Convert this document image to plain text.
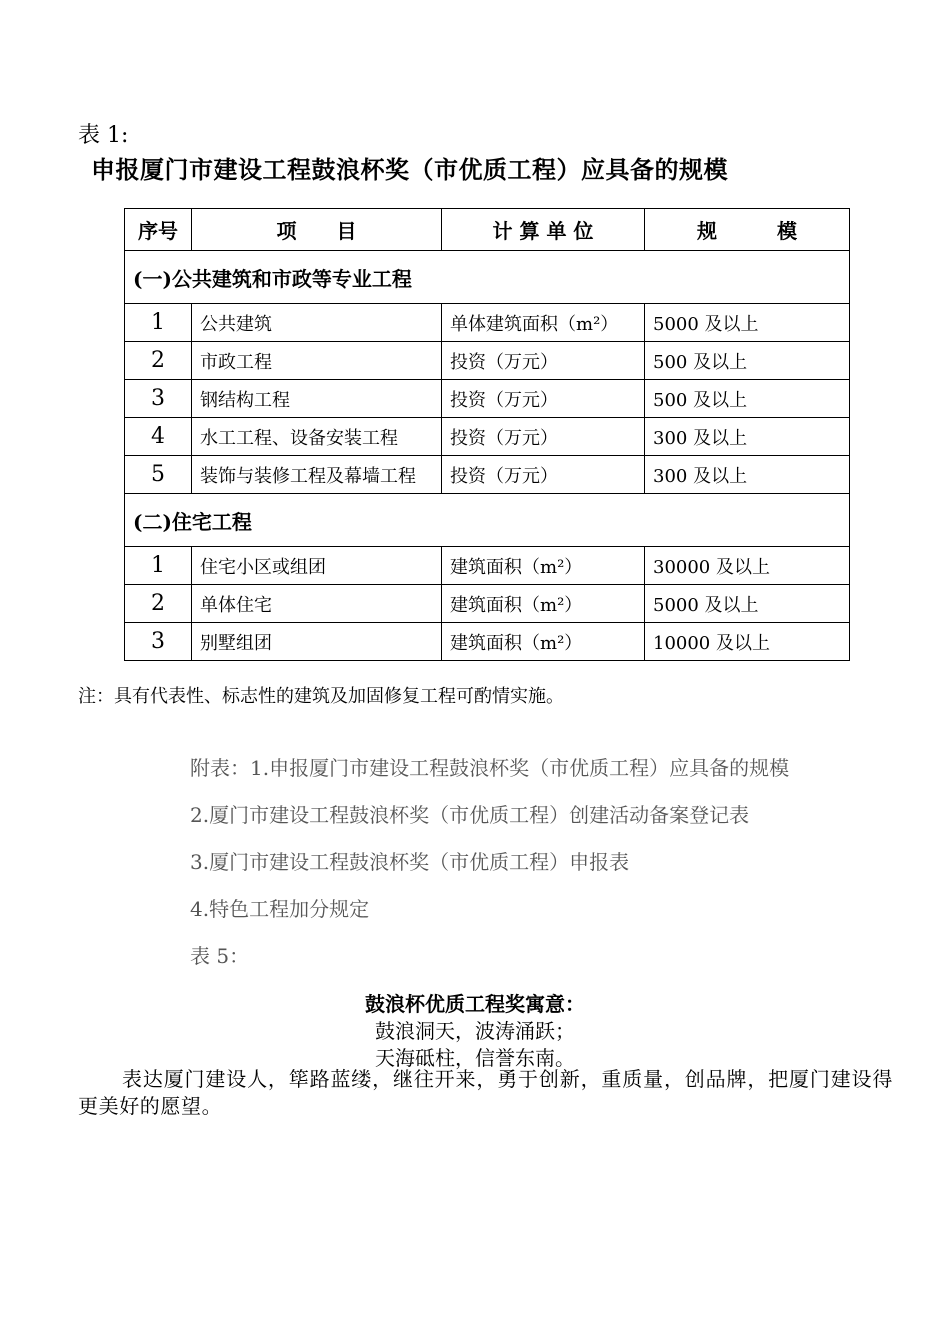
表 1:
申报厦门市建设工程鼓浪杯奖（市优质工程）应具备的规模
序号	项　　目	计 算 单 位	规　　　模
(一)公共建筑和市政等专业工程			
1	公共建筑	单体建筑面积（m²）	5000 及以上
2	市政工程	投资（万元）	500 及以上
3	钢结构工程	投资（万元）	500 及以上
4	水工工程、设备安装工程	投资（万元）	300 及以上
5	装饰与装修工程及幕墙工程	投资（万元）	300 及以上
(二)住宅工程			
1	住宅小区或组团	建筑面积（m²）	30000 及以上
2	单体住宅	建筑面积（m²）	5000 及以上
3	别墅组团	建筑面积（m²）	10000 及以上
注：具有代表性、标志性的建筑及加固修复工程可酌情实施。
附表：1.申报厦门市建设工程鼓浪杯奖（市优质工程）应具备的规模
2.厦门市建设工程鼓浪杯奖（市优质工程）创建活动备案登记表
3.厦门市建设工程鼓浪杯奖（市优质工程）申报表
4.特色工程加分规定
表 5：
鼓浪杯优质工程奖寓意：
鼓浪洞天，波涛涌跃；
天海砥柱，信誉东南。
表达厦门建设人，筚路蓝缕，继往开来，勇于创新，重质量，创品牌，把厦门建设得更美好的愿望。
